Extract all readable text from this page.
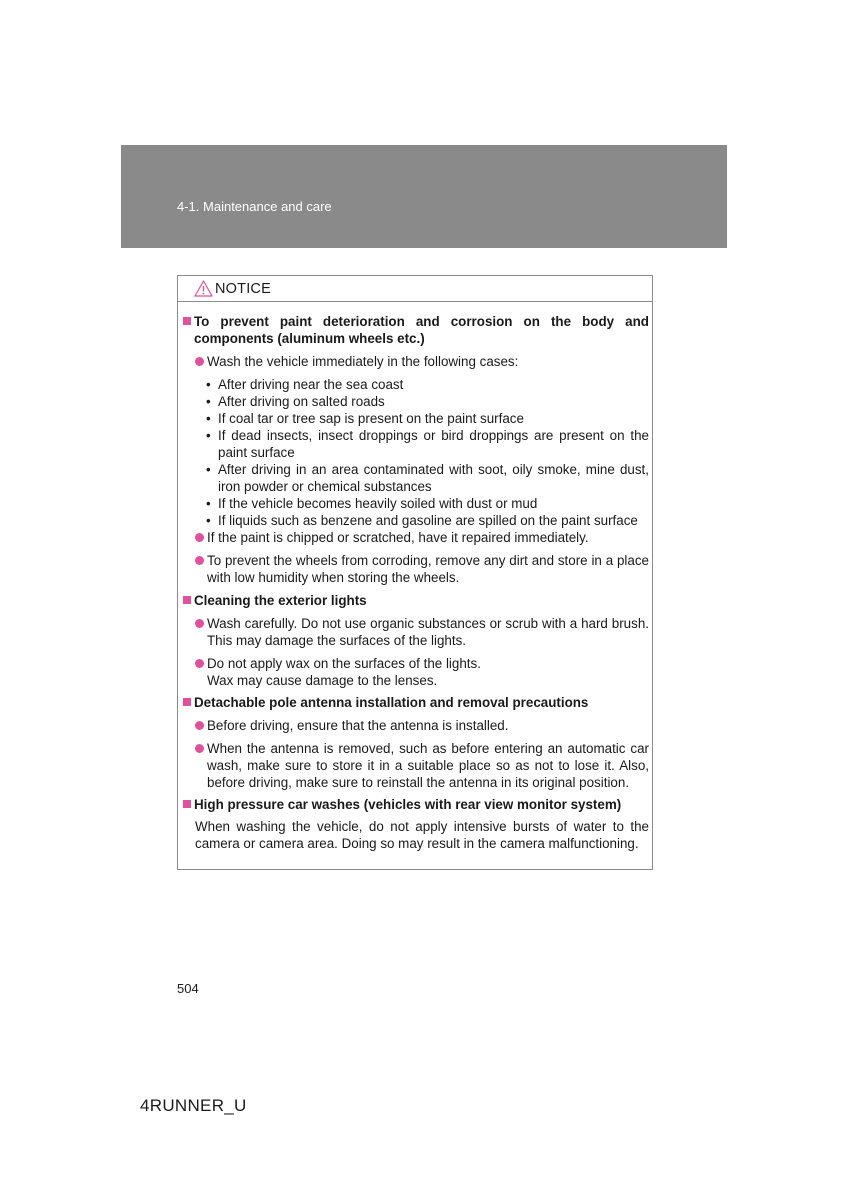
4-1. Maintenance and care
NOTICE
To prevent paint deterioration and corrosion on the body and components (aluminum wheels etc.)
Wash the vehicle immediately in the following cases:
• After driving near the sea coast
• After driving on salted roads
• If coal tar or tree sap is present on the paint surface
• If dead insects, insect droppings or bird droppings are present on the paint surface
• After driving in an area contaminated with soot, oily smoke, mine dust, iron powder or chemical substances
• If the vehicle becomes heavily soiled with dust or mud
• If liquids such as benzene and gasoline are spilled on the paint surface
If the paint is chipped or scratched, have it repaired immediately.
To prevent the wheels from corroding, remove any dirt and store in a place with low humidity when storing the wheels.
Cleaning the exterior lights
Wash carefully. Do not use organic substances or scrub with a hard brush. This may damage the surfaces of the lights.
Do not apply wax on the surfaces of the lights.
Wax may cause damage to the lenses.
Detachable pole antenna installation and removal precautions
Before driving, ensure that the antenna is installed.
When the antenna is removed, such as before entering an automatic car wash, make sure to store it in a suitable place so as not to lose it. Also, before driving, make sure to reinstall the antenna in its original position.
High pressure car washes (vehicles with rear view monitor system)
When washing the vehicle, do not apply intensive bursts of water to the camera or camera area. Doing so may result in the camera malfunctioning.
504
4RUNNER_U
